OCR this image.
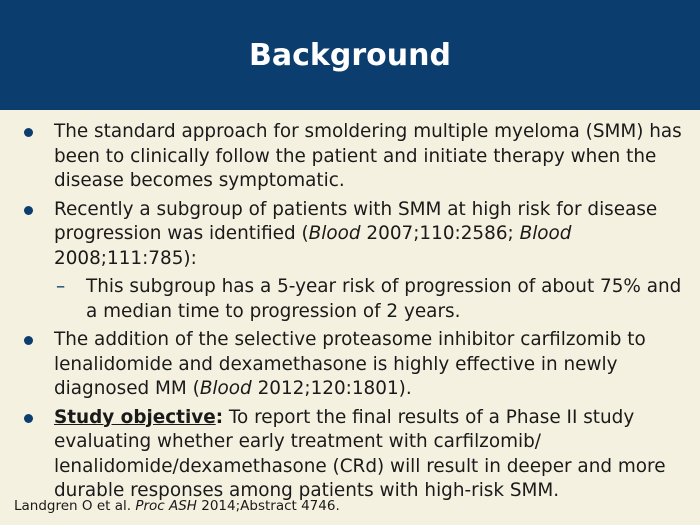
Background
The standard approach for smoldering multiple myeloma (SMM) has been to clinically follow the patient and initiate therapy when the disease becomes symptomatic.
Recently a subgroup of patients with SMM at high risk for disease progression was identified (Blood 2007;110:2586; Blood 2008;111:785):
– This subgroup has a 5-year risk of progression of about 75% and a median time to progression of 2 years.
The addition of the selective proteasome inhibitor carfilzomib to lenalidomide and dexamethasone is highly effective in newly diagnosed MM (Blood 2012;120:1801).
Study objective: To report the final results of a Phase II study evaluating whether early treatment with carfilzomib/ lenalidomide/dexamethasone (CRd) will result in deeper and more durable responses among patients with high-risk SMM.
Landgren O et al. Proc ASH 2014;Abstract 4746.
